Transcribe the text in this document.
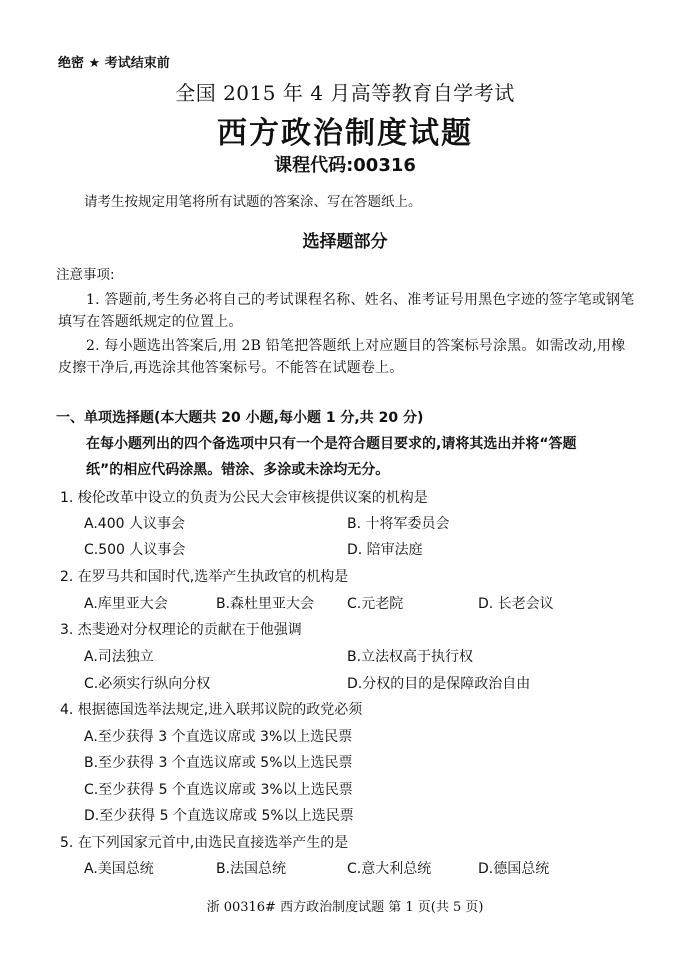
绝密 ★ 考试结束前
全国 2015 年 4 月高等教育自学考试
西方政治制度试题
课程代码:00316
请考生按规定用笔将所有试题的答案涂、写在答题纸上。
选择题部分
注意事项:
1. 答题前,考生务必将自己的考试课程名称、姓名、准考证号用黑色字迹的签字笔或钢笔
填写在答题纸规定的位置上。
2. 每小题选出答案后,用 2B 铅笔把答题纸上对应题目的答案标号涂黑。如需改动,用橡
皮擦干净后,再选涂其他答案标号。不能答在试题卷上。
一、单项选择题(本大题共 20 小题,每小题 1 分,共 20 分)
在每小题列出的四个备选项中只有一个是符合题目要求的,请将其选出并将“答题
纸”的相应代码涂黑。错涂、多涂或未涂均无分。
1. 梭伦改革中设立的负责为公民大会审核提供议案的机构是
A.400 人议事会	B. 十将军委员会
C.500 人议事会	D. 陪审法庭
2. 在罗马共和国时代,选举产生执政官的机构是
A.库里亚大会	B.森杜里亚大会 C.元老院	D. 长老会议
3. 杰斐逊对分权理论的贡献在于他强调
A.司法独立	B.立法权高于执行权
C.必须实行纵向分权	D.分权的目的是保障政治自由
4. 根据德国选举法规定,进入联邦议院的政党必须
A.至少获得 3 个直选议席或 3%以上选民票
B.至少获得 3 个直选议席或 5%以上选民票
C.至少获得 5 个直选议席或 3%以上选民票
D.至少获得 5 个直选议席或 5%以上选民票
5. 在下列国家元首中,由选民直接选举产生的是
A.美国总统	B.法国总统	C.意大利总统	D.德国总统
浙 00316# 西方政治制度试题 第 1 页(共 5 页)
